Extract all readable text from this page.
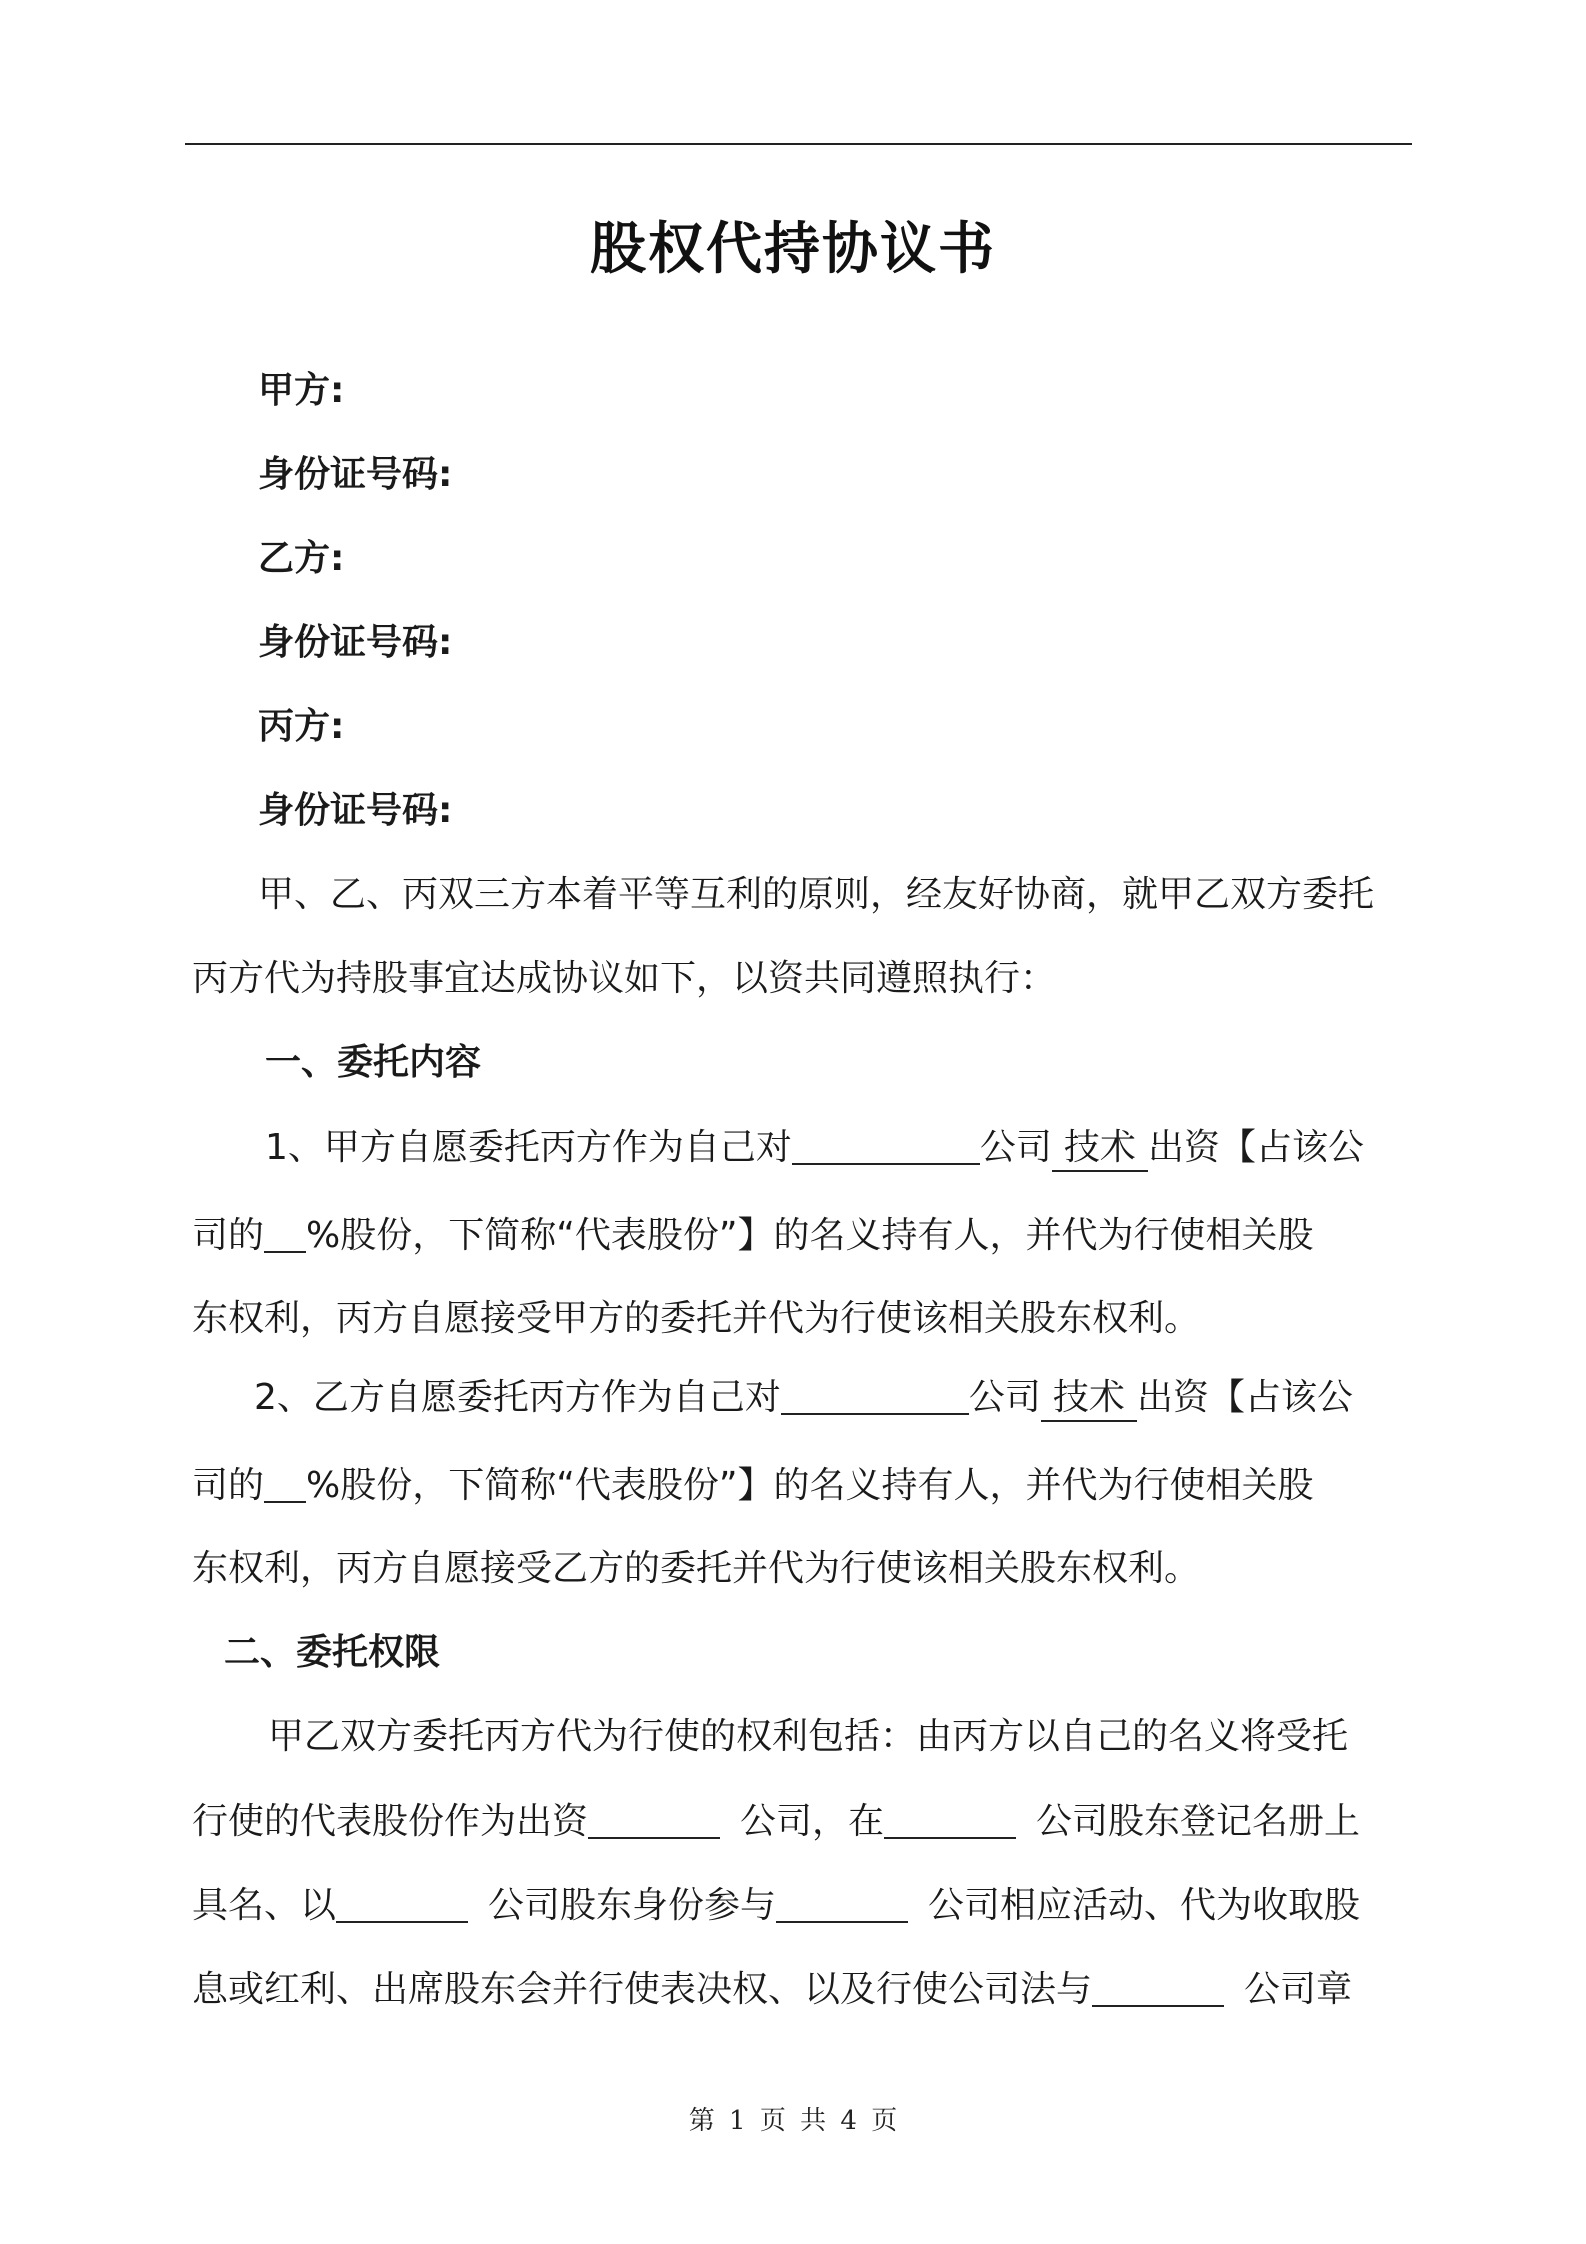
股权代持协议书
甲方:
身份证号码:
乙方:
身份证号码:
丙方:
身份证号码:
甲、乙、丙双三方本着平等互利的原则，经友好协商，就甲乙双方委托
丙方代为持股事宜达成协议如下，以资共同遵照执行：
一、委托内容
1、甲方自愿委托丙方作为自己对	公司 技术 出资【占该公
司的 %股份，下简称“代表股份”】的名义持有人，并代为行使相关股
东权利，丙方自愿接受甲方的委托并代为行使该相关股东权利。
2、乙方自愿委托丙方作为自己对	公司 技术 出资【占该公
司的 %股份，下简称“代表股份”】的名义持有人，并代为行使相关股
东权利，丙方自愿接受乙方的委托并代为行使该相关股东权利。
二、委托权限
甲乙双方委托丙方代为行使的权利包括：由丙方以自己的名义将受托
行使的代表股份作为出资	公司，在	公司股东登记名册上
具名、以	公司股东身份参与	公司相应活动、代为收取股
息或红利、出席股东会并行使表决权、以及行使公司法与	公司章
第 1 页 共 4 页
